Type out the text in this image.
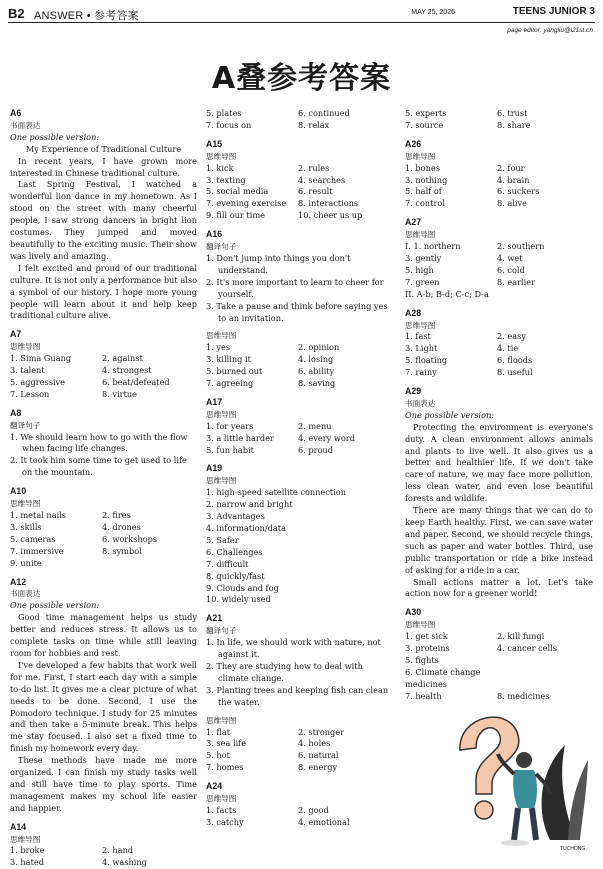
B2 ANSWER • 参考答案	MAY 25, 2026	TEENS JUNIOR 3
page editor: yangliu@i21st.cn
A叠参考答案
A6
书面表达
One possible version:
My Experience of Traditional Culture
In recent years, I have grown more interested in Chinese traditional culture.
Last Spring Festival, I watched a wonderful lion dance in my hometown. As I stood on the street with many cheerful people, I saw strong dancers in bright lion costumes. They jumped and moved beautifully to the exciting music. Their show was lively and amazing.
I felt excited and proud of our traditional culture. It is not only a performance but also a symbol of our history. I hope more young people will learn about it and help keep traditional culture alive.
A7
思维导图
1. Sima Guang	2. against
3. talent	4. strongest
5. aggressive	6. beat/defeated
7. Lesson	8. virtue
A8
翻译句子
1. We should learn how to go with the flow when facing life changes.
2. It took him some time to get used to life on the mountain.
A10
思维导图
1. metal nails	2. fires
3. skills	4. drones
5. cameras	6. workshops
7. immersive	8. symbol
9. unite
A12
书面表达
One possible version:
Good time management helps us study better and reduces stress. It allows us to complete tasks on time while still leaving room for hobbies and rest.
I've developed a few habits that work well for me. First, I start each day with a simple to-do list. It gives me a clear picture of what needs to be done. Second, I use the Pomodoro technique. I study for 25 minutes and then take a 5-minute break. This helps me stay focused. I also set a fixed time to finish my homework every day.
These methods have made me more organized. I can finish my study tasks well and still have time to play sports. Time management makes my school life easier and happier.
A14
思维导图
1. broke	2. hand
3. hated	4. washing
5. plates	6. continued
7. focus on	8. relax
A15
思维导图
1. kick	2. rules
3. texting	4. searches
5. social media	6. result
7. evening exercise	8. interactions
9. fill our time	10. cheer us up
A16
翻译句子
1. Don't jump into things you don't understand.
2. It's more important to learn to cheer for yourself.
3. Take a pause and think before saying yes to an invitation.
思维导图
1. yes	2. opinion
3. killing it	4. losing
5. burned out	6. ability
7. agreeing	8. saving
A17
思维导图
1. for years	2. menu
3. a little harder	4. every word
5. fun habit	6. proud
A19
思维导图
1. high-speed satellite connection
2. narrow and bright
3. Advantages
4. information/data
5. Safer
6. Challenges
7. difficult
8. quickly/fast
9. Clouds and fog
10. widely used
A21
翻译句子
1. In life, we should work with nature, not against it.
2. They are studying how to deal with climate change.
3. Planting trees and keeping fish can clean the water.
思维导图
1. flat	2. stronger
3. sea life	4. holes
5. hot	6. natural
7. homes	8. energy
A24
思维导图
1. facts	2. good
3. catchy	4. emotional
5. experts	6. trust
7. source	8. share
A26
思维导图
1. bones	2. four
3. nothing	4. brain
5. half of	6. suckers
7. control	8. alive
A27
思维导图
I. 1. northern	2. southern
3. gently	4. wet
5. high	6. cold
7. green	8. earlier
II. A-b; B-d; C-c; D-a
A28
思维导图
1. fast	2. easy
3. Light	4. tie
5. floating	6. floods
7. rainy	8. useful
A29
书面表达
One possible version:
Protecting the environment is everyone's duty. A clean environment allows animals and plants to live well. It also gives us a better and healthier life. If we don't take care of nature, we may face more pollution, less clean water, and even lose beautiful forests and wildlife.
There are many things that we can do to keep Earth healthy. First, we can save water and paper. Second, we should recycle things, such as paper and water bottles. Third, use public transportation or ride a bike instead of asking for a ride in a car.
Small actions matter a lot. Let's take action now for a greener world!
A30
思维导图
1. get sick	2. kill fungi
3. proteins	4. cancer cells
5. fights
6. Climate change medicines
7. health	8. medicines
TUCHONG
